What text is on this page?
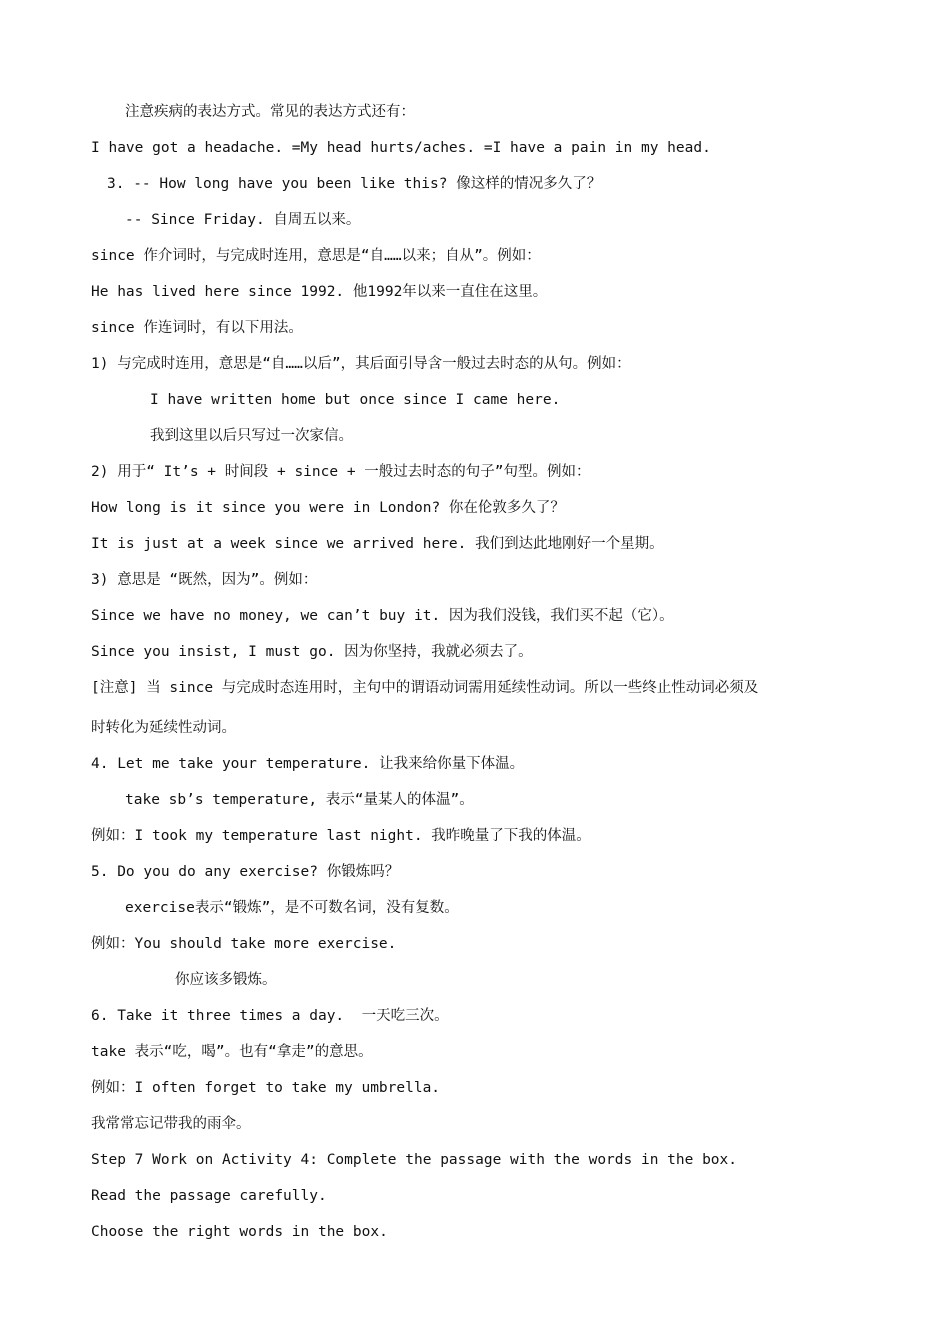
注意疾病的表达方式。常见的表达方式还有：
I have got a headache. =My head hurts/aches. =I have a pain in my head.
3. -- How long have you been like this? 像这样的情况多久了？
-- Since Friday. 自周五以来。
since 作介词时，与完成时连用，意思是“自……以来；自从”。例如：
He has lived here since 1992. 他1992年以来一直住在这里。
since 作连词时，有以下用法。
1) 与完成时连用，意思是“自……以后”，其后面引导含一般过去时态的从句。例如：
I have written home but once since I came here.
我到这里以后只写过一次家信。
2) 用于“ It’s + 时间段 + since + 一般过去时态的句子”句型。例如：
How long is it since you were in London? 你在伦敦多久了？
It is just at a week since we arrived here. 我们到达此地刚好一个星期。
3) 意思是 “既然，因为”。例如：
Since we have no money, we can’t buy it. 因为我们没钱，我们买不起（它）。
Since you insist, I must go. 因为你坚持，我就必须去了。
[注意] 当 since 与完成时态连用时，主句中的谓语动词需用延续性动词。所以一些终止性动词必须及
时转化为延续性动词。
4. Let me take your temperature. 让我来给你量下体温。
take sb’s temperature, 表示“量某人的体温”。
例如：I took my temperature last night. 我昨晚量了下我的体温。
5. Do you do any exercise? 你锻炼吗？
exercise表示“锻炼”，是不可数名词，没有复数。
例如：You should take more exercise.
你应该多锻炼。
6. Take it three times a day.  一天吃三次。
take 表示“吃，喝”。也有“拿走”的意思。
例如：I often forget to take my umbrella.
我常常忘记带我的雨伞。
Step 7 Work on Activity 4: Complete the passage with the words in the box.
Read the passage carefully.
Choose the right words in the box.
